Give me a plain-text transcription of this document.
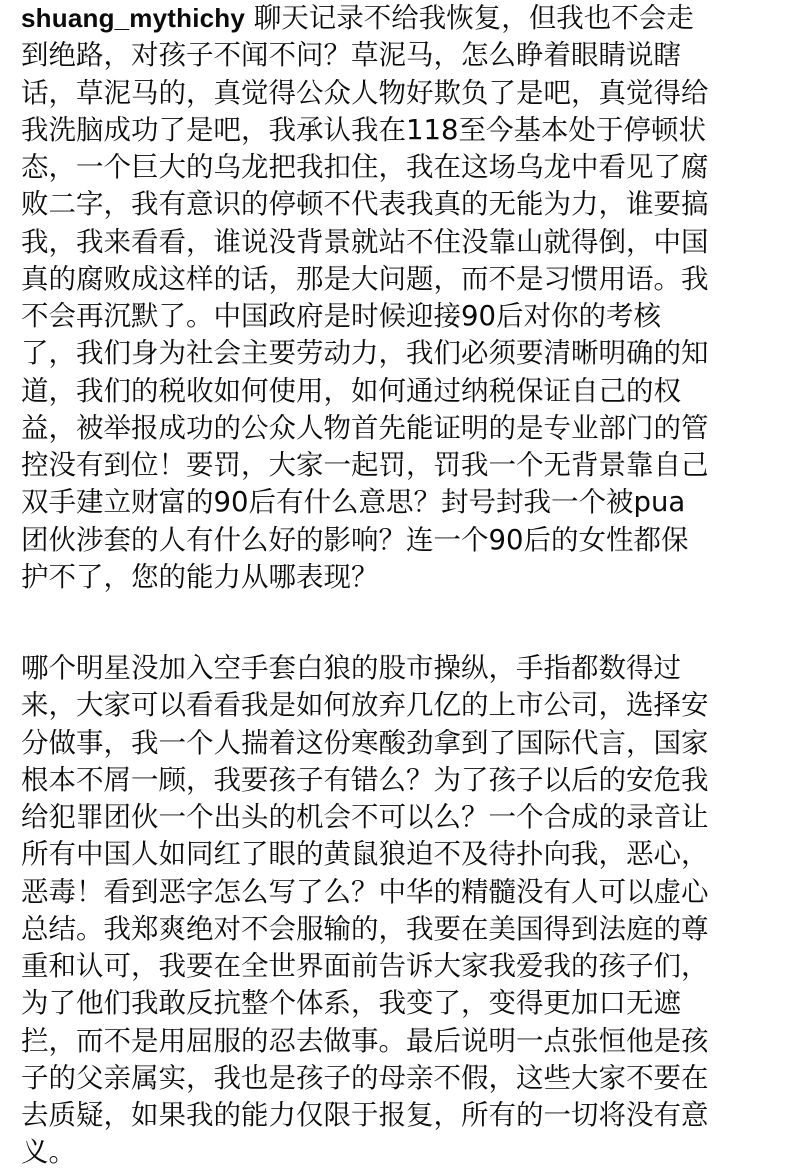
shuang_mythichy 聊天记录不给我恢复，但我也不会走
到绝路，对孩子不闻不问？草泥马，怎么睁着眼睛说瞎
话，草泥马的，真觉得公众人物好欺负了是吧，真觉得给
我洗脑成功了是吧，我承认我在118至今基本处于停顿状
态，一个巨大的乌龙把我扣住，我在这场乌龙中看见了腐
败二字，我有意识的停顿不代表我真的无能为力，谁要搞
我，我来看看，谁说没背景就站不住没靠山就得倒，中国
真的腐败成这样的话，那是大问题，而不是习惯用语。我
不会再沉默了。中国政府是时候迎接90后对你的考核
了，我们身为社会主要劳动力，我们必须要清晰明确的知
道，我们的税收如何使用，如何通过纳税保证自己的权
益，被举报成功的公众人物首先能证明的是专业部门的管
控没有到位！要罚，大家一起罚，罚我一个无背景靠自己
双手建立财富的90后有什么意思？封号封我一个被pua
团伙涉套的人有什么好的影响？连一个90后的女性都保
护不了，您的能力从哪表现？
哪个明星没加入空手套白狼的股市操纵，手指都数得过
来，大家可以看看我是如何放弃几亿的上市公司，选择安
分做事，我一个人揣着这份寒酸劲拿到了国际代言，国家
根本不屑一顾，我要孩子有错么？为了孩子以后的安危我
给犯罪团伙一个出头的机会不可以么？一个合成的录音让
所有中国人如同红了眼的黄鼠狼迫不及待扑向我，恶心，
恶毒！看到恶字怎么写了么？中华的精髓没有人可以虚心
总结。我郑爽绝对不会服输的，我要在美国得到法庭的尊
重和认可，我要在全世界面前告诉大家我爱我的孩子们，
为了他们我敢反抗整个体系，我变了，变得更加口无遮
拦，而不是用屈服的忍去做事。最后说明一点张恒他是孩
子的父亲属实，我也是孩子的母亲不假，这些大家不要在
去质疑，如果我的能力仅限于报复，所有的一切将没有意
义。
